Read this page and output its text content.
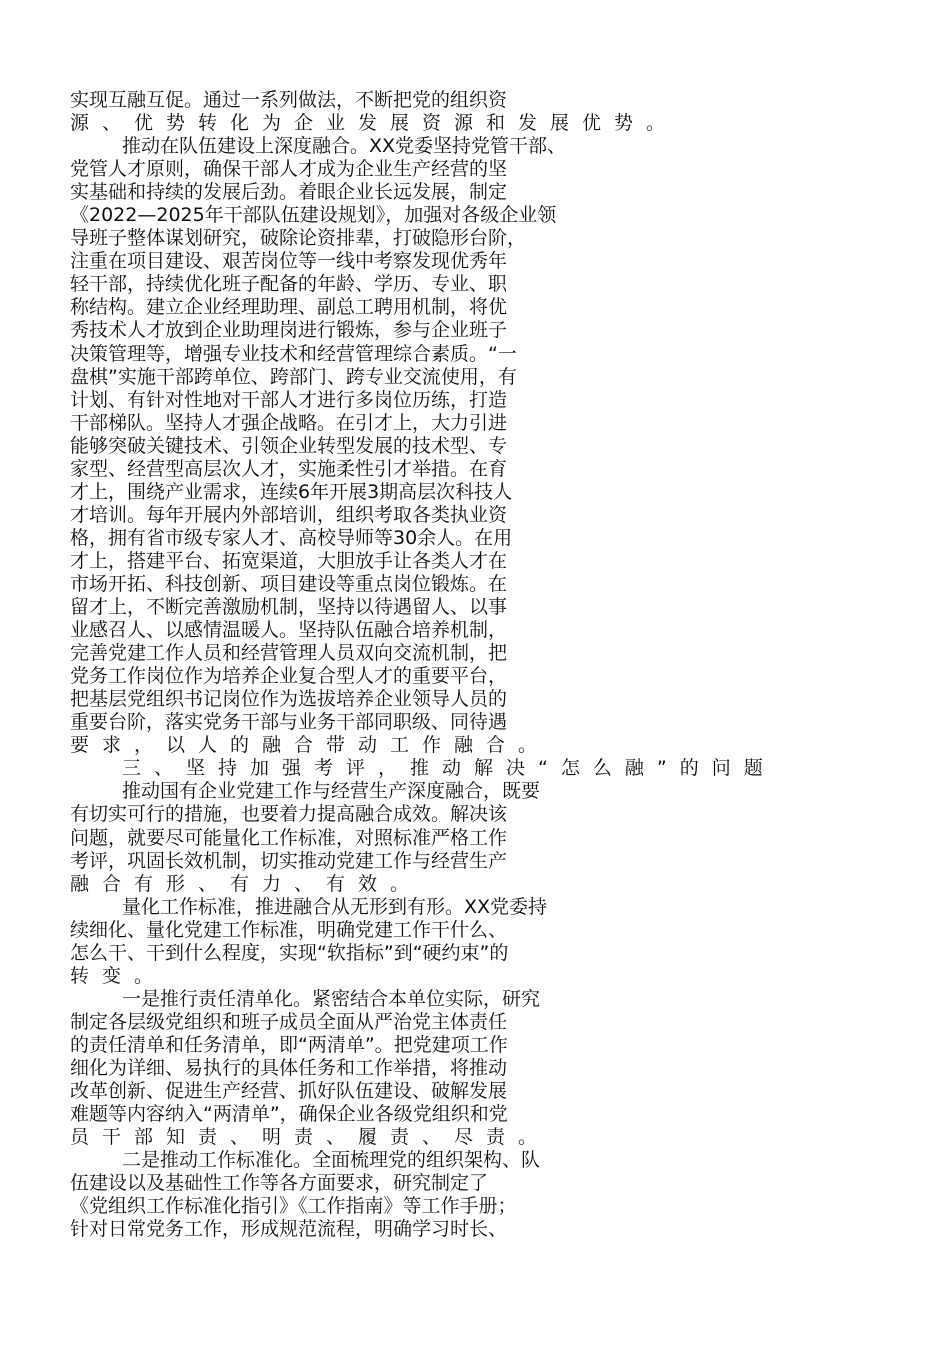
实现互融互促。通过一系列做法，不断把党的组织资
源、优势转化为企业发展资源和发展优势。
推动在队伍建设上深度融合。XX党委坚持党管干部、
党管人才原则，确保干部人才成为企业生产经营的坚
实基础和持续的发展后劲。着眼企业长远发展，制定
《2022—2025年干部队伍建设规划》，加强对各级企业领
导班子整体谋划研究，破除论资排辈，打破隐形台阶，
注重在项目建设、艰苦岗位等一线中考察发现优秀年
轻干部，持续优化班子配备的年龄、学历、专业、职
称结构。建立企业经理助理、副总工聘用机制，将优
秀技术人才放到企业助理岗进行锻炼，参与企业班子
决策管理等，增强专业技术和经营管理综合素质。“一
盘棋”实施干部跨单位、跨部门、跨专业交流使用，有
计划、有针对性地对干部人才进行多岗位历练，打造
干部梯队。坚持人才强企战略。在引才上，大力引进
能够突破关键技术、引领企业转型发展的技术型、专
家型、经营型高层次人才，实施柔性引才举措。在育
才上，围绕产业需求，连续6年开展3期高层次科技人
才培训。每年开展内外部培训，组织考取各类执业资
格，拥有省市级专家人才、高校导师等30余人。在用
才上，搭建平台、拓宽渠道，大胆放手让各类人才在
市场开拓、科技创新、项目建设等重点岗位锻炼。在
留才上，不断完善激励机制，坚持以待遇留人、以事
业感召人、以感情温暖人。坚持队伍融合培养机制，
完善党建工作人员和经营管理人员双向交流机制，把
党务工作岗位作为培养企业复合型人才的重要平台，
把基层党组织书记岗位作为选拔培养企业领导人员的
重要台阶，落实党务干部与业务干部同职级、同待遇
要求，以人的融合带动工作融合。
三、坚持加强考评，推动解决“怎么融”的问题
推动国有企业党建工作与经营生产深度融合，既要
有切实可行的措施，也要着力提高融合成效。解决该
问题，就要尽可能量化工作标准，对照标准严格工作
考评，巩固长效机制，切实推动党建工作与经营生产
融合有形、有力、有效。
量化工作标准，推进融合从无形到有形。XX党委持
续细化、量化党建工作标准，明确党建工作干什么、
怎么干、干到什么程度，实现“软指标”到“硬约束”的
转变。
一是推行责任清单化。紧密结合本单位实际，研究
制定各层级党组织和班子成员全面从严治党主体责任
的责任清单和任务清单，即“两清单”。把党建项工作
细化为详细、易执行的具体任务和工作举措，将推动
改革创新、促进生产经营、抓好队伍建设、破解发展
难题等内容纳入“两清单”，确保企业各级党组织和党
员干部知责、明责、履责、尽责。
二是推动工作标准化。全面梳理党的组织架构、队
伍建设以及基础性工作等各方面要求，研究制定了
《党组织工作标准化指引》《工作指南》等工作手册；
针对日常党务工作，形成规范流程，明确学习时长、
